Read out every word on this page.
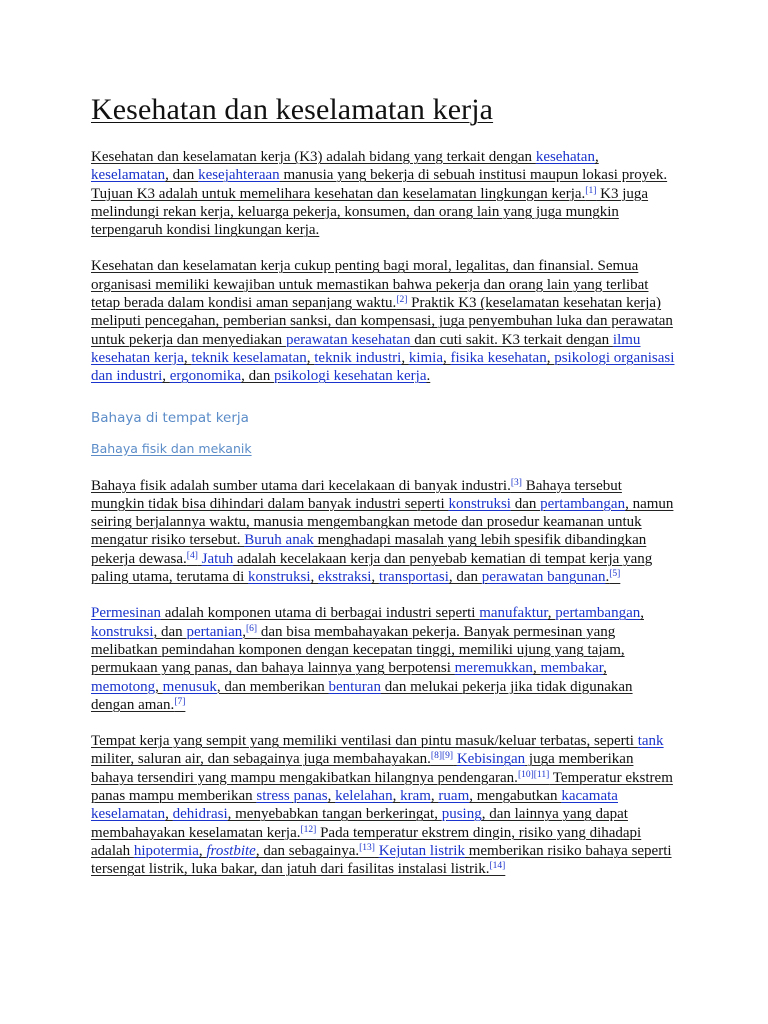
Kesehatan dan keselamatan kerja

Kesehatan dan keselamatan kerja (K3) adalah bidang yang terkait dengan kesehatan, keselamatan, dan kesejahteraan manusia yang bekerja di sebuah institusi maupun lokasi proyek. Tujuan K3 adalah untuk memelihara kesehatan dan keselamatan lingkungan kerja.[1] K3 juga melindungi rekan kerja, keluarga pekerja, konsumen, dan orang lain yang juga mungkin terpengaruh kondisi lingkungan kerja.

Kesehatan dan keselamatan kerja cukup penting bagi moral, legalitas, dan finansial. Semua organisasi memiliki kewajiban untuk memastikan bahwa pekerja dan orang lain yang terlibat tetap berada dalam kondisi aman sepanjang waktu.[2] Praktik K3 (keselamatan kesehatan kerja) meliputi pencegahan, pemberian sanksi, dan kompensasi, juga penyembuhan luka dan perawatan untuk pekerja dan menyediakan perawatan kesehatan dan cuti sakit. K3 terkait dengan ilmu kesehatan kerja, teknik keselamatan, teknik industri, kimia, fisika kesehatan, psikologi organisasi dan industri, ergonomika, dan psikologi kesehatan kerja.

Bahaya di tempat kerja
Bahaya fisik dan mekanik

Bahaya fisik adalah sumber utama dari kecelakaan di banyak industri.[3] Bahaya tersebut mungkin tidak bisa dihindari dalam banyak industri seperti konstruksi dan pertambangan, namun seiring berjalannya waktu, manusia mengembangkan metode dan prosedur keamanan untuk mengatur risiko tersebut. Buruh anak menghadapi masalah yang lebih spesifik dibandingkan pekerja dewasa.[4] Jatuh adalah kecelakaan kerja dan penyebab kematian di tempat kerja yang paling utama, terutama di konstruksi, ekstraksi, transportasi, dan perawatan bangunan.[5]

Permesinan adalah komponen utama di berbagai industri seperti manufaktur, pertambangan, konstruksi, dan pertanian,[6] dan bisa membahayakan pekerja. Banyak permesinan yang melibatkan pemindahan komponen dengan kecepatan tinggi, memiliki ujung yang tajam, permukaan yang panas, dan bahaya lainnya yang berpotensi meremukkan, membakar, memotong, menusuk, dan memberikan benturan dan melukai pekerja jika tidak digunakan dengan aman.[7]

Tempat kerja yang sempit yang memiliki ventilasi dan pintu masuk/keluar terbatas, seperti tank militer, saluran air, dan sebagainya juga membahayakan.[8][9] Kebisingan juga memberikan bahaya tersendiri yang mampu mengakibatkan hilangnya pendengaran.[10][11] Temperatur ekstrem panas mampu memberikan stress panas, kelelahan, kram, ruam, mengabutkan kacamata keselamatan, dehidrasi, menyebabkan tangan berkeringat, pusing, dan lainnya yang dapat membahayakan keselamatan kerja.[12] Pada temperatur ekstrem dingin, risiko yang dihadapi adalah hipotermia, frostbite, dan sebagainya.[13] Kejutan listrik memberikan risiko bahaya seperti tersengat listrik, luka bakar, dan jatuh dari fasilitas instalasi listrik.[14]
